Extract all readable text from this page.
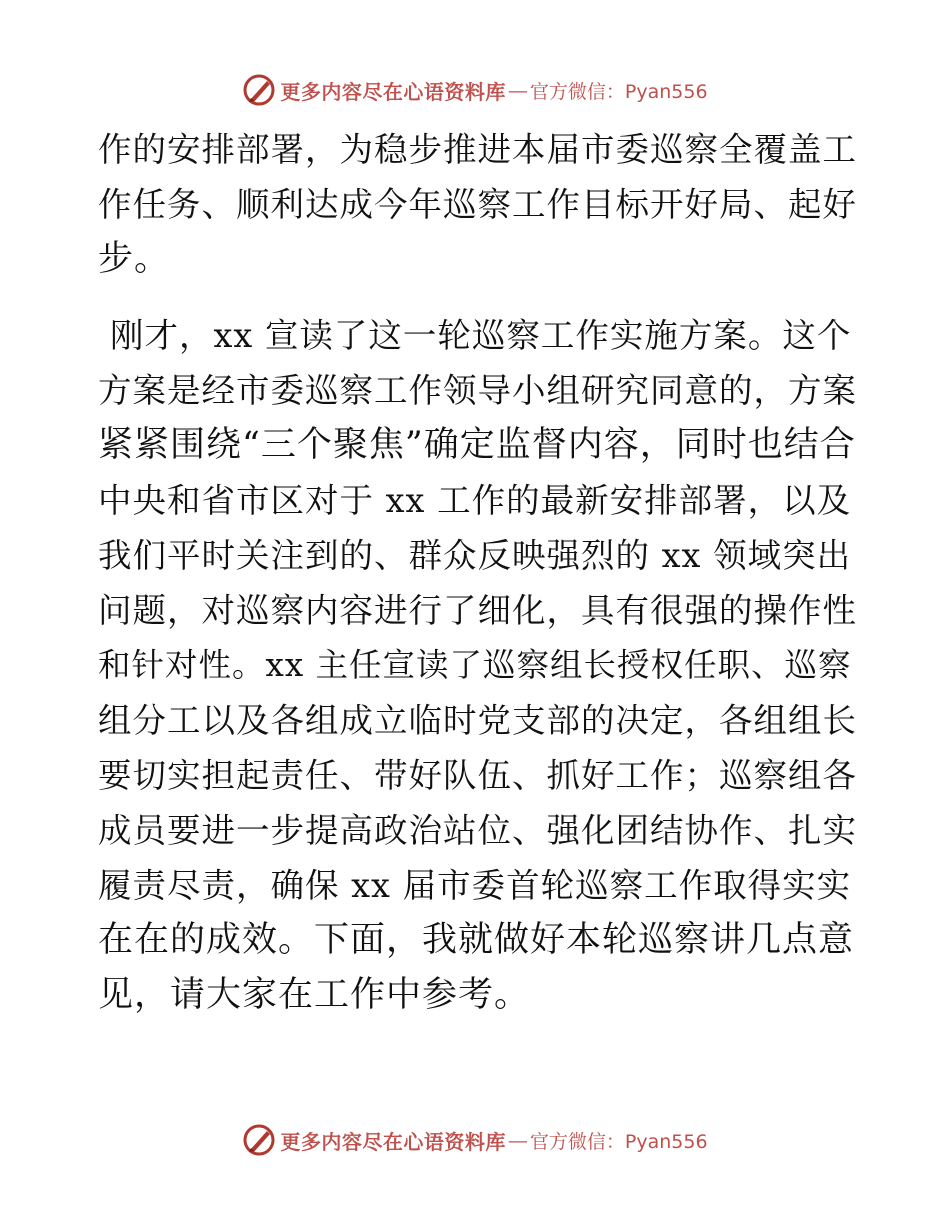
更多内容尽在心语资料库 — 官方微信：Pyan556
作的安排部署，为稳步推进本届市委巡察全覆盖工
作任务、顺利达成今年巡察工作目标开好局、起好
步。
刚才，xx 宣读了这一轮巡察工作实施方案。这个
方案是经市委巡察工作领导小组研究同意的，方案
紧紧围绕“三个聚焦”确定监督内容，同时也结合
中央和省市区对于 xx 工作的最新安排部署，以及
我们平时关注到的、群众反映强烈的 xx 领域突出
问题，对巡察内容进行了细化，具有很强的操作性
和针对性。xx 主任宣读了巡察组长授权任职、巡察
组分工以及各组成立临时党支部的决定，各组组长
要切实担起责任、带好队伍、抓好工作；巡察组各
成员要进一步提高政治站位、强化团结协作、扎实
履责尽责，确保 xx 届市委首轮巡察工作取得实实
在在的成效。下面，我就做好本轮巡察讲几点意
见，请大家在工作中参考。
更多内容尽在心语资料库 — 官方微信：Pyan556
